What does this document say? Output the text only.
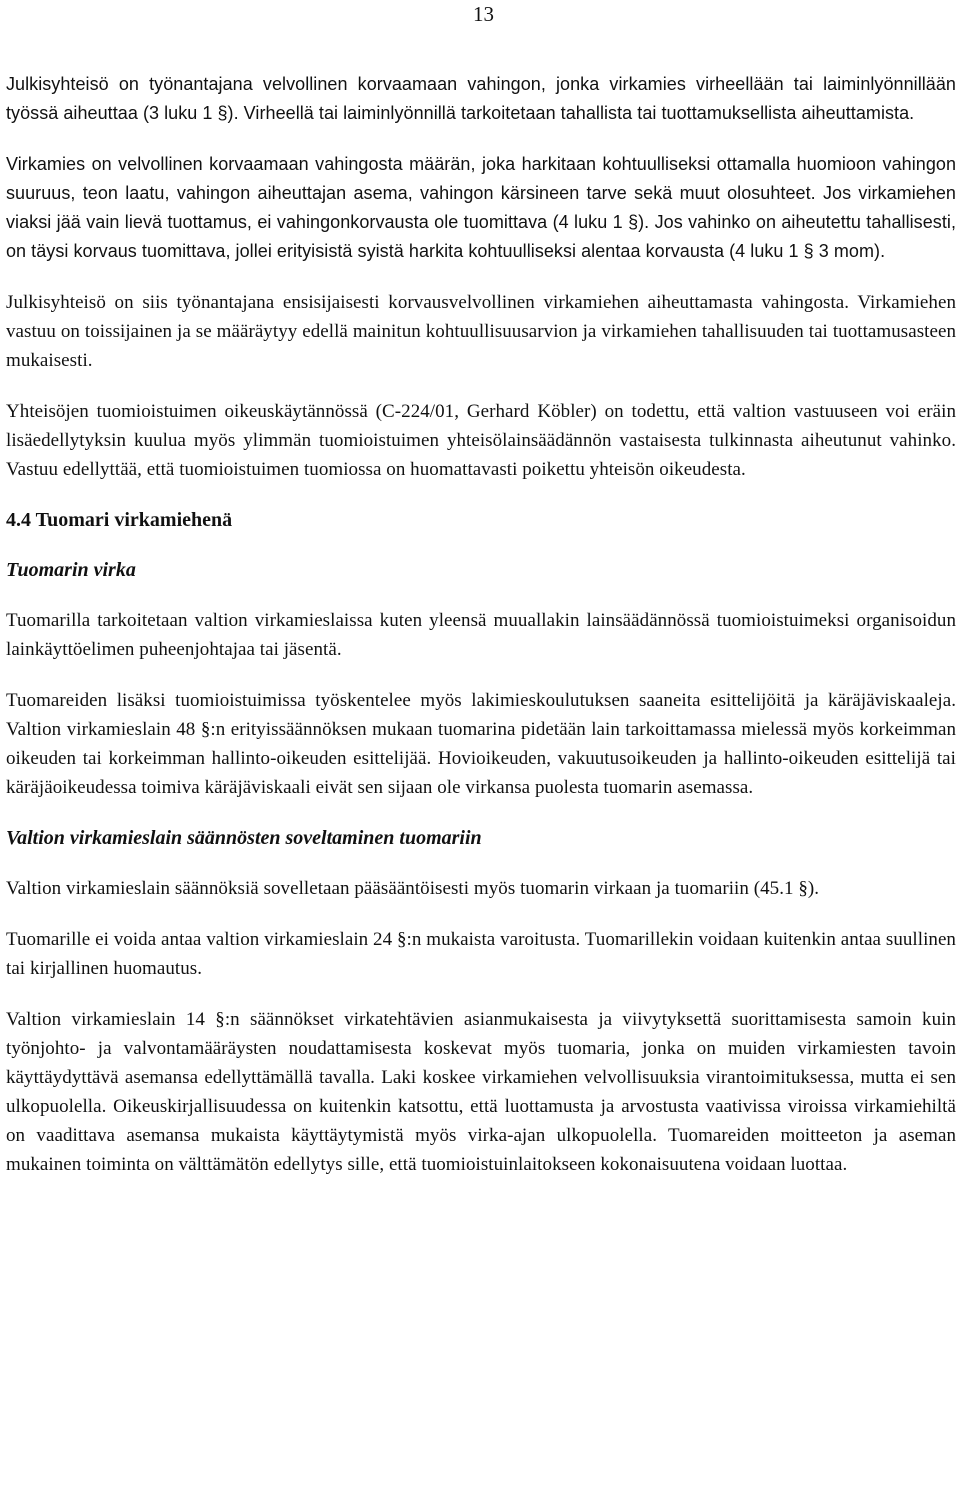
13

Julkisyhteisö on työnantajana velvollinen korvaamaan vahingon, jonka virkamies virheellään tai laiminlyönnillään työssä aiheuttaa (3 luku 1 §). Virheellä tai laiminlyönnillä tarkoitetaan tahallista tai tuottamuksellista aiheuttamista.

Virkamies on velvollinen korvaamaan vahingosta määrän, joka harkitaan kohtuulliseksi ottamalla huomioon vahingon suuruus, teon laatu, vahingon aiheuttajan asema, vahingon kärsineen tarve sekä muut olosuhteet. Jos virkamiehen viaksi jää vain lievä tuottamus, ei vahingonkorvausta ole tuomittava (4 luku 1 §). Jos vahinko on aiheutettu tahallisesti, on täysi korvaus tuomittava, jollei erityisistä syistä harkita kohtuulliseksi alentaa korvausta (4 luku 1 § 3 mom).

Julkisyhteisö on siis työnantajana ensisijaisesti korvausvelvollinen virkamiehen aiheuttamasta vahingosta. Virkamiehen vastuu on toissijainen ja se määräytyy edellä mainitun kohtuullisuusarvion ja virkamiehen tahallisuuden tai tuottamusasteen mukaisesti.

Yhteisöjen tuomioistuimen oikeuskäytännössä (C-224/01, Gerhard Köbler) on todettu, että valtion vastuuseen voi eräin lisäedellytyksin kuulua myös ylimmän tuomioistuimen yhteisölainsäädännön vastaisesta tulkinnasta aiheutunut vahinko. Vastuu edellyttää, että tuomioistuimen tuomiossa on huomattavasti poikettu yhteisön oikeudesta.

4.4 Tuomari virkamiehenä
Tuomarin virka

Tuomarilla tarkoitetaan valtion virkamieslaissa kuten yleensä muuallakin lainsäädännössä tuomioistuimeksi organisoidun lainkäyttöelimen puheenjohtajaa tai jäsentä.

Tuomareiden lisäksi tuomioistuimissa työskentelee myös lakimieskoulutuksen saaneita esittelijöitä ja käräjäviskaaleja. Valtion virkamieslain 48 §:n erityissäännöksen mukaan tuomarina pidetään lain tarkoittamassa mielessä myös korkeimman oikeuden tai korkeimman hallinto-oikeuden esittelijää. Hovioikeuden, vakuutusoikeuden ja hallinto-oikeuden esittelijä tai käräjäoikeudessa toimiva käräjäviskaali eivät sen sijaan ole virkansa puolesta tuomarin asemassa.

Valtion virkamieslain säännösten soveltaminen tuomariin

Valtion virkamieslain säännöksiä sovelletaan pääsääntöisesti myös tuomarin virkaan ja tuomariin (45.1 §).

Tuomarille ei voida antaa valtion virkamieslain 24 §:n mukaista varoitusta. Tuomarillekin voidaan kuitenkin antaa suullinen tai kirjallinen huomautus.

Valtion virkamieslain 14 §:n säännökset virkatehtävien asianmukaisesta ja viivytyksettä suorittamisesta samoin kuin työnjohto- ja valvontamääräysten noudattamisesta koskevat myös tuomaria, jonka on muiden virkamiesten tavoin käyttäydyttävä asemansa edellyttämällä tavalla. Laki koskee virkamiehen velvollisuuksia virantoimituksessa, mutta ei sen ulkopuolella. Oikeuskirjallisuudessa on kuitenkin katsottu, että luottamusta ja arvostusta vaativissa viroissa virkamiehiltä on vaadittava asemansa mukaista käyttäytymistä myös virka-ajan ulkopuolella. Tuomareiden moitteeton ja aseman mukainen toiminta on välttämätön edellytys sille, että tuomioistuinlaitokseen kokonaisuutena voidaan luottaa.
